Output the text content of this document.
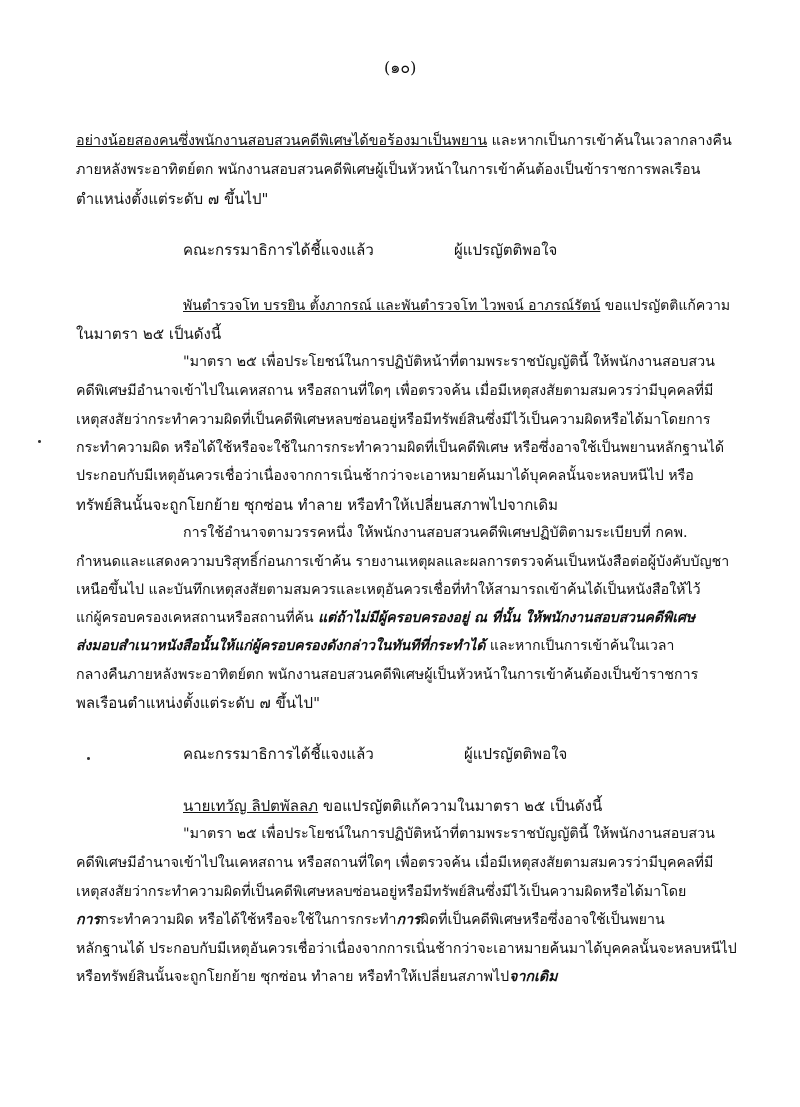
(๑๐)
อย่างน้อยสองคนซึ่งพนักงานสอบสวนคดีพิเศษได้ขอร้องมาเป็นพยาน และหากเป็นการเข้าค้นในเวลากลางคืน
ภายหลังพระอาทิตย์ตก พนักงานสอบสวนคดีพิเศษผู้เป็นหัวหน้าในการเข้าค้นต้องเป็นข้าราชการพลเรือน
ตำแหน่งตั้งแต่ระดับ ๗ ขึ้นไป"
คณะกรรมาธิการได้ชี้แจงแล้ว	ผู้แปรญัตติพอใจ
พันตำรวจโท บรรยิน ตั้งภากรณ์ และพันตำรวจโท ไวพจน์ อาภรณ์รัตน์ ขอแปรญัตติแก้ความ
ในมาตรา ๒๕ เป็นดังนี้
"มาตรา ๒๕ เพื่อประโยชน์ในการปฏิบัติหน้าที่ตามพระราชบัญญัตินี้ ให้พนักงานสอบสวน
คดีพิเศษมีอำนาจเข้าไปในเคหสถาน หรือสถานที่ใดๆ เพื่อตรวจค้น เมื่อมีเหตุสงสัยตามสมควรว่ามีบุคคลที่มี
เหตุสงสัยว่ากระทำความผิดที่เป็นคดีพิเศษหลบซ่อนอยู่หรือมีทรัพย์สินซึ่งมีไว้เป็นความผิดหรือได้มาโดยการ
กระทำความผิด หรือได้ใช้หรือจะใช้ในการกระทำความผิดที่เป็นคดีพิเศษ หรือซึ่งอาจใช้เป็นพยานหลักฐานได้
ประกอบกับมีเหตุอันควรเชื่อว่าเนื่องจากการเนิ่นช้ากว่าจะเอาหมายค้นมาได้บุคคลนั้นจะหลบหนีไป หรือ
ทรัพย์สินนั้นจะถูกโยกย้าย ซุกซ่อน ทำลาย หรือทำให้เปลี่ยนสภาพไปจากเดิม
การใช้อำนาจตามวรรคหนึ่ง ให้พนักงานสอบสวนคดีพิเศษปฏิบัติตามระเบียบที่ กคพ.
กำหนดและแสดงความบริสุทธิ์ก่อนการเข้าค้น รายงานเหตุผลและผลการตรวจค้นเป็นหนังสือต่อผู้บังคับบัญชา
เหนือขึ้นไป และบันทึกเหตุสงสัยตามสมควรและเหตุอันควรเชื่อที่ทำให้สามารถเข้าค้นได้เป็นหนังสือให้ไว้
แก่ผู้ครอบครองเคหสถานหรือสถานที่ค้น แต่ถ้าไม่มีผู้ครอบครองอยู่ ณ ที่นั้น ให้พนักงานสอบสวนคดีพิเศษ
ส่งมอบสำเนาหนังสือนั้นให้แก่ผู้ครอบครองดังกล่าวในทันทีที่กระทำได้ และหากเป็นการเข้าค้นในเวลา
กลางคืนภายหลังพระอาทิตย์ตก พนักงานสอบสวนคดีพิเศษผู้เป็นหัวหน้าในการเข้าค้นต้องเป็นข้าราชการ
พลเรือนตำแหน่งตั้งแต่ระดับ ๗ ขึ้นไป"
คณะกรรมาธิการได้ชี้แจงแล้ว	ผู้แปรญัตติพอใจ
นายเทวัญ ลิปตพัลลภ ขอแปรญัตติแก้ความในมาตรา ๒๕ เป็นดังนี้
"มาตรา ๒๕ เพื่อประโยชน์ในการปฏิบัติหน้าที่ตามพระราชบัญญัตินี้ ให้พนักงานสอบสวน
คดีพิเศษมีอำนาจเข้าไปในเคหสถาน หรือสถานที่ใดๆ เพื่อตรวจค้น เมื่อมีเหตุสงสัยตามสมควรว่ามีบุคคลที่มี
เหตุสงสัยว่ากระทำความผิดที่เป็นคดีพิเศษหลบซ่อนอยู่หรือมีทรัพย์สินซึ่งมีไว้เป็นความผิดหรือได้มาโดย
การกระทำความผิด หรือได้ใช้หรือจะใช้ในการกระทำการผิดที่เป็นคดีพิเศษหรือซึ่งอาจใช้เป็นพยาน
หลักฐานได้ ประกอบกับมีเหตุอันควรเชื่อว่าเนื่องจากการเนิ่นช้ากว่าจะเอาหมายค้นมาได้บุคคลนั้นจะหลบหนีไป
หรือทรัพย์สินนั้นจะถูกโยกย้าย ซุกซ่อน ทำลาย หรือทำให้เปลี่ยนสภาพไปจากเดิม
